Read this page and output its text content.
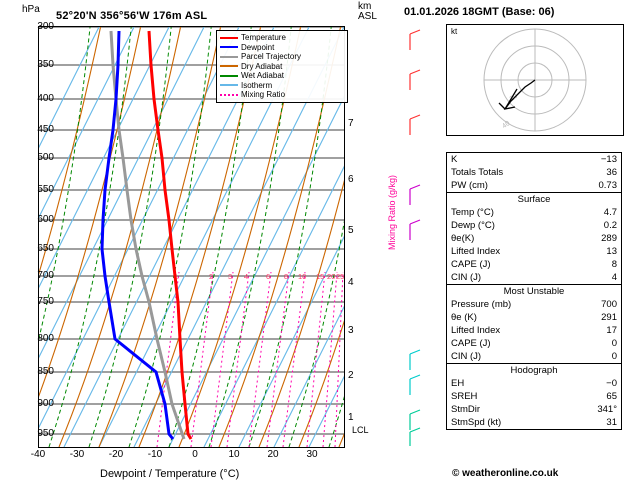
hPa
52°20'N 356°56'W 176m ASL
km
ASL
1	2 3 4 6 8 10 15 20 25
Temperature
Dewpoint
Parcel Trajectory
Dry Adiabat
Wet Adiabat
Isotherm
Mixing Ratio
300
350
400
450
500
550
600
650
700
750
800
850
900
950
-40	-30	-20	-10	0	10	20	30
Dewpoint / Temperature (°C)
Mixing Ratio (g/kg)
7
6
5
4
3
2
1
LCL
01.01.2026 18GMT (Base: 06)
20
40
kt
K	−13
Totals Totals	36
PW (cm)	0.73
Surface
Temp (°C)	4.7
Dewp (°C)	0.2
θe(K)	289
Lifted Index	13
CAPE (J)	8
CIN (J)	4
Most Unstable
Pressure (mb)	700
θe (K)	291
Lifted Index	17
CAPE (J)	0
CIN (J)	0
Hodograph
EH	−0
SREH	65
StmDir	341°
StmSpd (kt)	31
© weatheronline.co.uk
